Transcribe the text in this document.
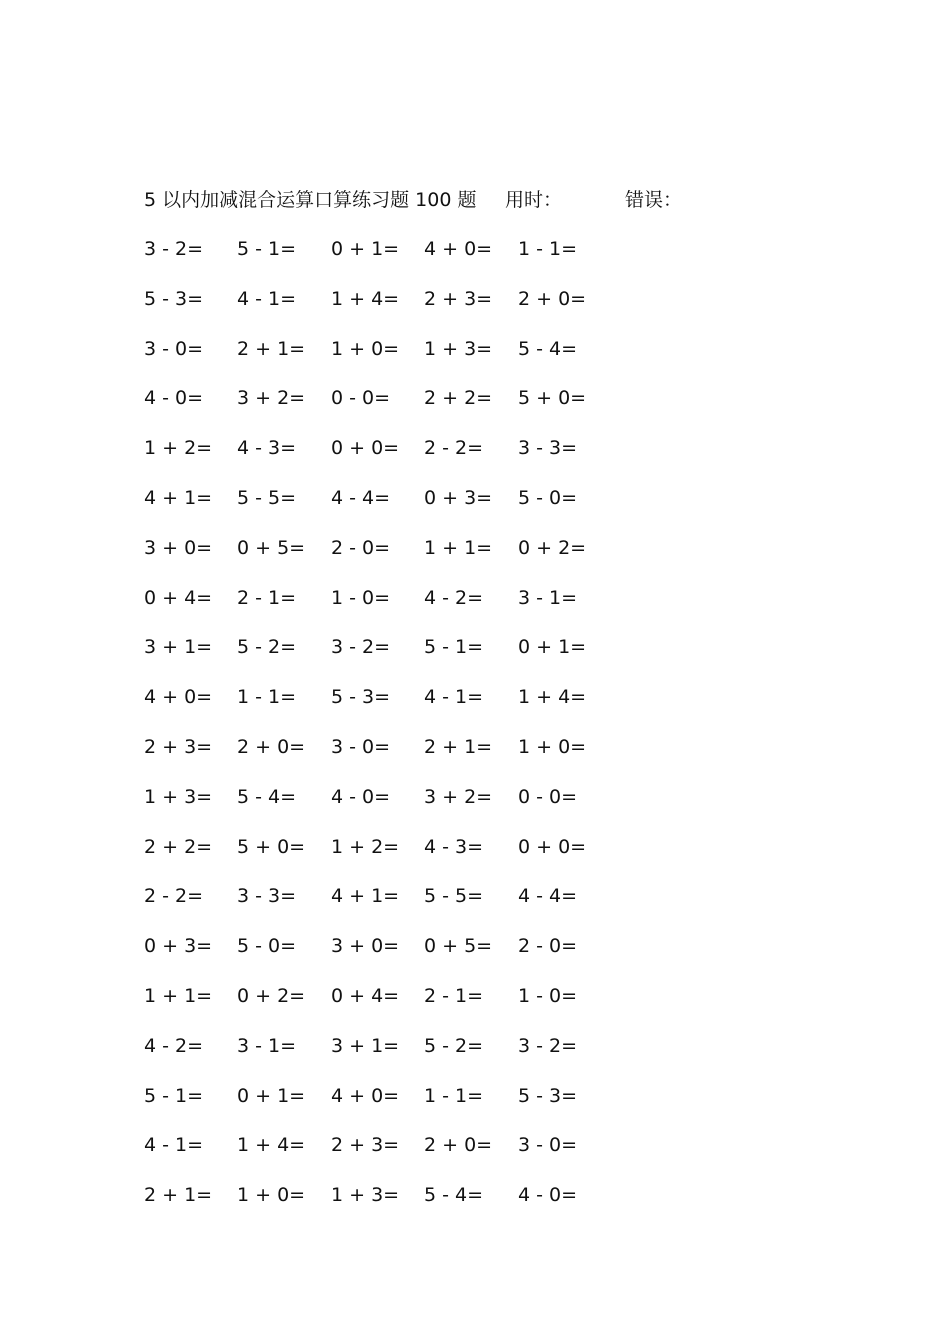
5 以内加减混合运算口算练习题 100 题 用时：	错误：
3 - 2= 5 - 1= 0 + 1= 4 + 0= 1 - 1=
5 - 3= 4 - 1= 1 + 4= 2 + 3= 2 + 0=
3 - 0= 2 + 1= 1 + 0= 1 + 3= 5 - 4=
4 - 0= 3 + 2= 0 - 0= 2 + 2= 5 + 0=
1 + 2= 4 - 3= 0 + 0= 2 - 2= 3 - 3=
4 + 1= 5 - 5= 4 - 4= 0 + 3= 5 - 0=
3 + 0= 0 + 5= 2 - 0= 1 + 1= 0 + 2=
0 + 4= 2 - 1= 1 - 0= 4 - 2= 3 - 1=
3 + 1= 5 - 2= 3 - 2= 5 - 1= 0 + 1=
4 + 0= 1 - 1= 5 - 3= 4 - 1= 1 + 4=
2 + 3= 2 + 0= 3 - 0= 2 + 1= 1 + 0=
1 + 3= 5 - 4= 4 - 0= 3 + 2= 0 - 0=
2 + 2= 5 + 0= 1 + 2= 4 - 3= 0 + 0=
2 - 2= 3 - 3= 4 + 1= 5 - 5= 4 - 4=
0 + 3= 5 - 0= 3 + 0= 0 + 5= 2 - 0=
1 + 1= 0 + 2= 0 + 4= 2 - 1= 1 - 0=
4 - 2= 3 - 1= 3 + 1= 5 - 2= 3 - 2=
5 - 1= 0 + 1= 4 + 0= 1 - 1= 5 - 3=
4 - 1= 1 + 4= 2 + 3= 2 + 0= 3 - 0=
2 + 1= 1 + 0= 1 + 3= 5 - 4= 4 - 0=
